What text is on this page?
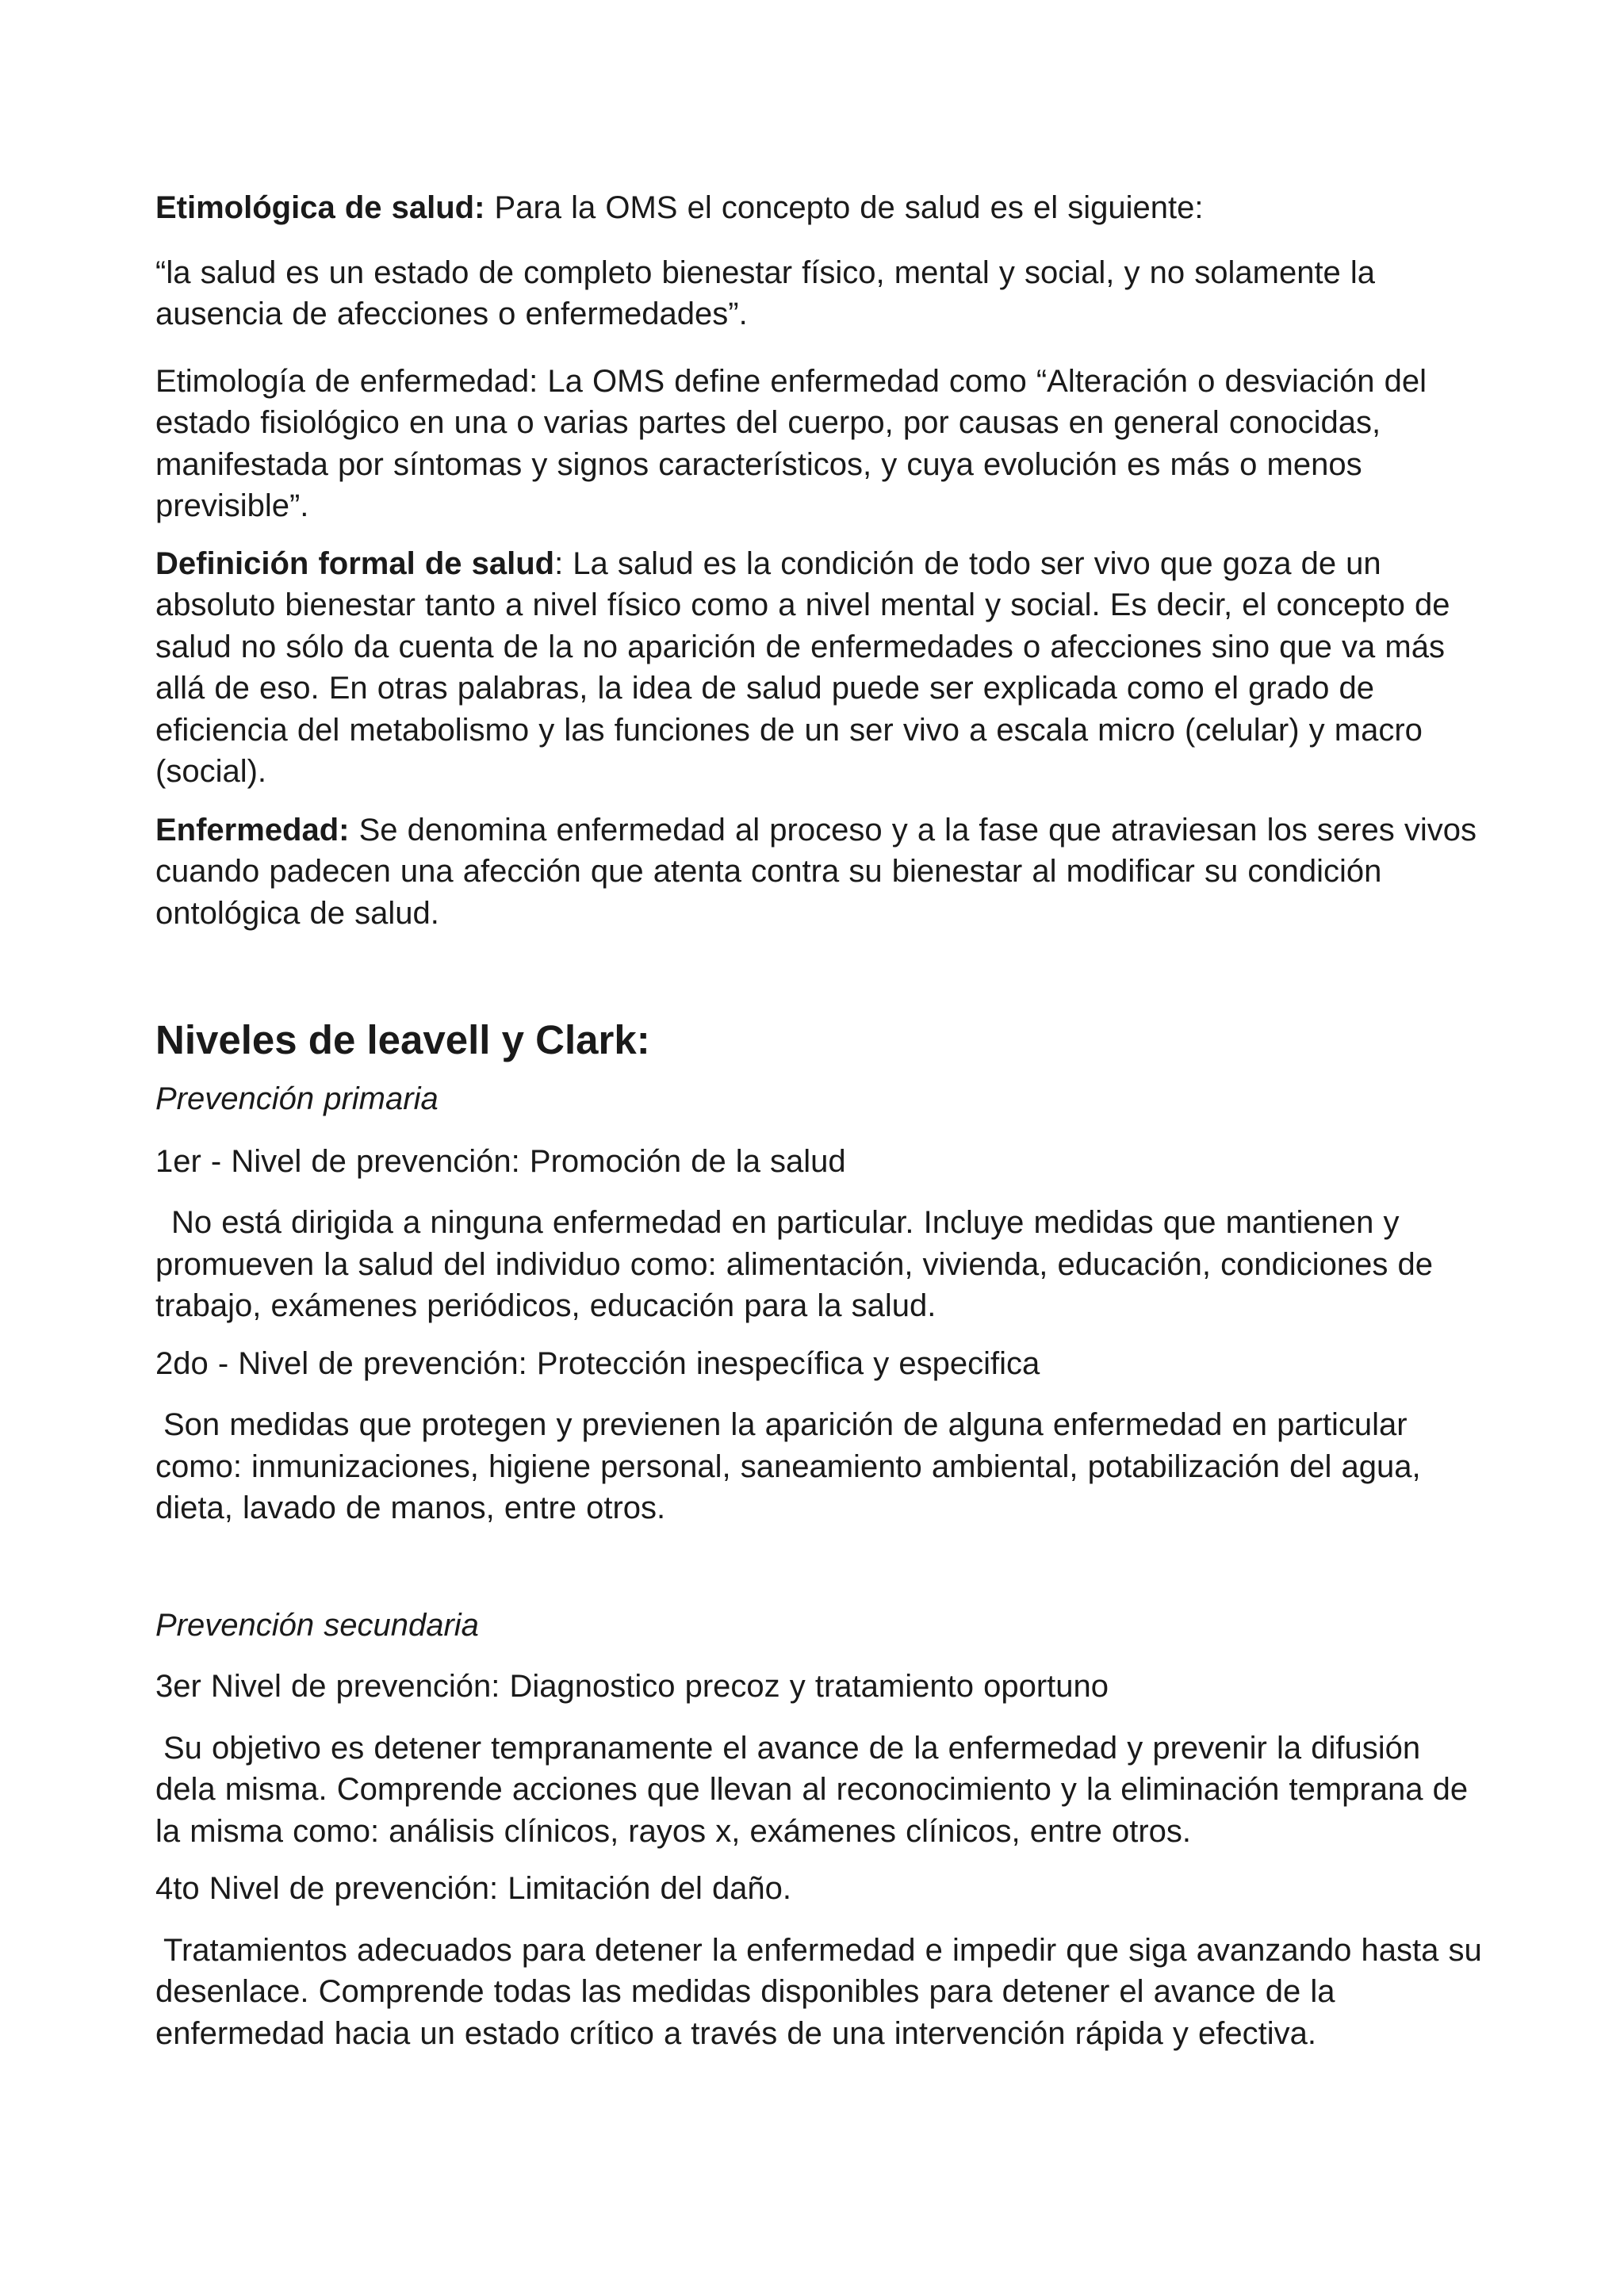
Etimológica de salud: Para la OMS el concepto de salud es el siguiente:

“la salud es un estado de completo bienestar físico, mental y social, y no solamente la ausencia de afecciones o enfermedades”.

Etimología de enfermedad: La OMS define enfermedad como “Alteración o desviación del estado fisiológico en una o varias partes del cuerpo, por causas en general conocidas, manifestada por síntomas y signos característicos, y cuya evolución es más o menos previsible”.

Definición formal de salud: La salud es la condición de todo ser vivo que goza de un absoluto bienestar tanto a nivel físico como a nivel mental y social. Es decir, el concepto de salud no sólo da cuenta de la no aparición de enfermedades o afecciones sino que va más allá de eso. En otras palabras, la idea de salud puede ser explicada como el grado de eficiencia del metabolismo y las funciones de un ser vivo a escala micro (celular) y macro (social).

Enfermedad: Se denomina enfermedad al proceso y a la fase que atraviesan los seres vivos cuando padecen una afección que atenta contra su bienestar al modificar su condición ontológica de salud.

Niveles de leavell y Clark:

Prevención primaria

1er - Nivel de prevención: Promoción de la salud

No está dirigida a ninguna enfermedad en particular. Incluye medidas que mantienen y promueven la salud del individuo como: alimentación, vivienda, educación, condiciones de trabajo, exámenes periódicos, educación para la salud.

2do - Nivel de prevención: Protección inespecífica y especifica

Son medidas que protegen y previenen la aparición de alguna enfermedad en particular como: inmunizaciones, higiene personal, saneamiento ambiental, potabilización del agua, dieta, lavado de manos, entre otros.

Prevención secundaria

3er Nivel de prevención: Diagnostico precoz y tratamiento oportuno

Su objetivo es detener tempranamente el avance de la enfermedad y prevenir la difusión dela misma. Comprende acciones que llevan al reconocimiento y la eliminación temprana de la misma como: análisis clínicos, rayos x, exámenes clínicos, entre otros.

4to Nivel de prevención: Limitación del daño.

Tratamientos adecuados para detener la enfermedad e impedir que siga avanzando hasta su desenlace. Comprende todas las medidas disponibles para detener el avance de la enfermedad hacia un estado crítico a través de una intervención rápida y efectiva.
